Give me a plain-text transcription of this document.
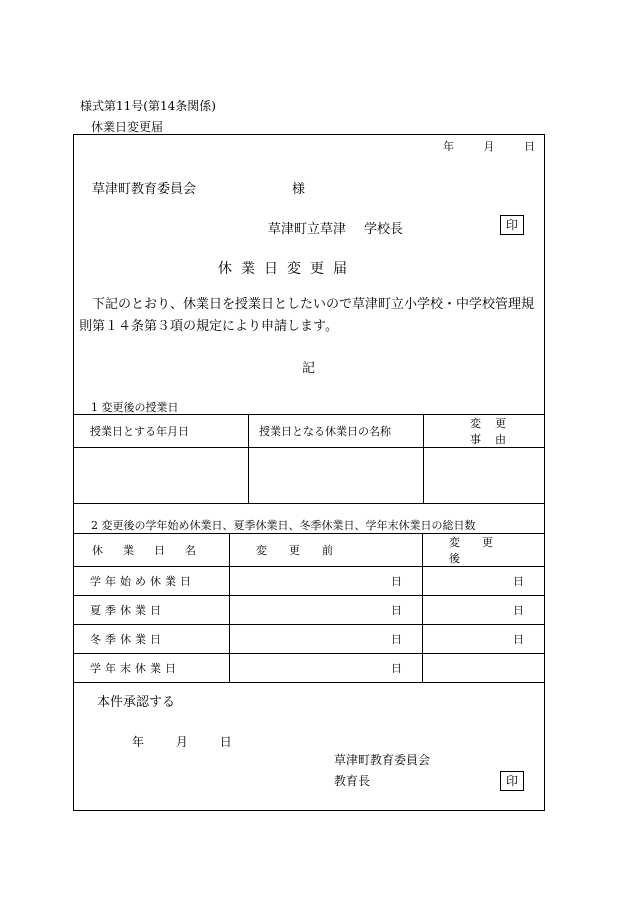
様式第11号(第14条関係)
休業日変更届
年	月	日
草津町教育委員会	様
草津町立草津 学校長	印
休業日変更届
下記のとおり、休業日を授業日としたいので草津町立小学校・中学校管理規則第１４条第３項の規定により申請します。
記
1 変更後の授業日
授業日とする年月日	授業日となる休業日の名称	変更事由

2 変更後の学年始め休業日、夏季休業日、冬季休業日、学年末休業日の総日数
休業日名	変更前	変更後
学年始め休業日	日	日
夏季休業日	日	日
冬季休業日	日	日
学年末休業日	日	
本件承認する
年	月	日
草津町教育委員会
教育長	印
